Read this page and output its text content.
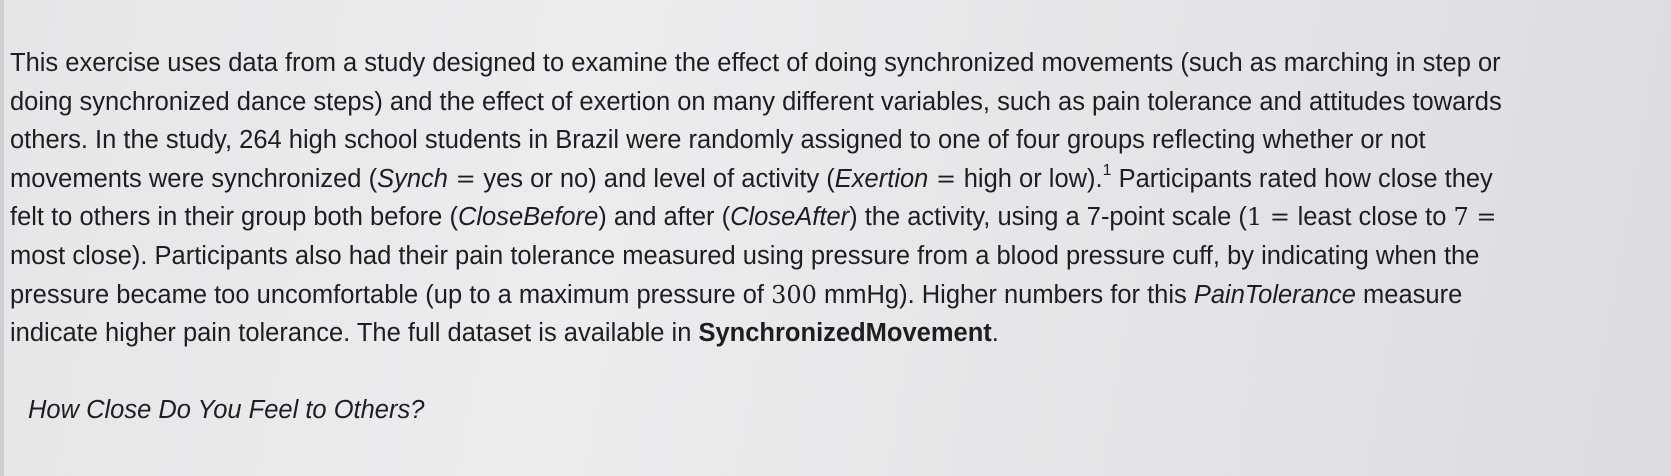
This exercise uses data from a study designed to examine the effect of doing synchronized movements (such as marching in step or
doing synchronized dance steps) and the effect of exertion on many different variables, such as pain tolerance and attitudes towards
others. In the study, 264 high school students in Brazil were randomly assigned to one of four groups reflecting whether or not
movements were synchronized (Synch = yes or no) and level of activity (Exertion = high or low).$^1$ Participants rated how close they
felt to others in their group both before (CloseBefore) and after (CloseAfter) the activity, using a 7-point scale (1 = least close to 7 =
most close). Participants also had their pain tolerance measured using pressure from a blood pressure cuff, by indicating when the
pressure became too uncomfortable (up to a maximum pressure of 300 mmHg). Higher numbers for this PainTolerance measure
indicate higher pain tolerance. The full dataset is available in SynchronizedMovement.
How Close Do You Feel to Others?
